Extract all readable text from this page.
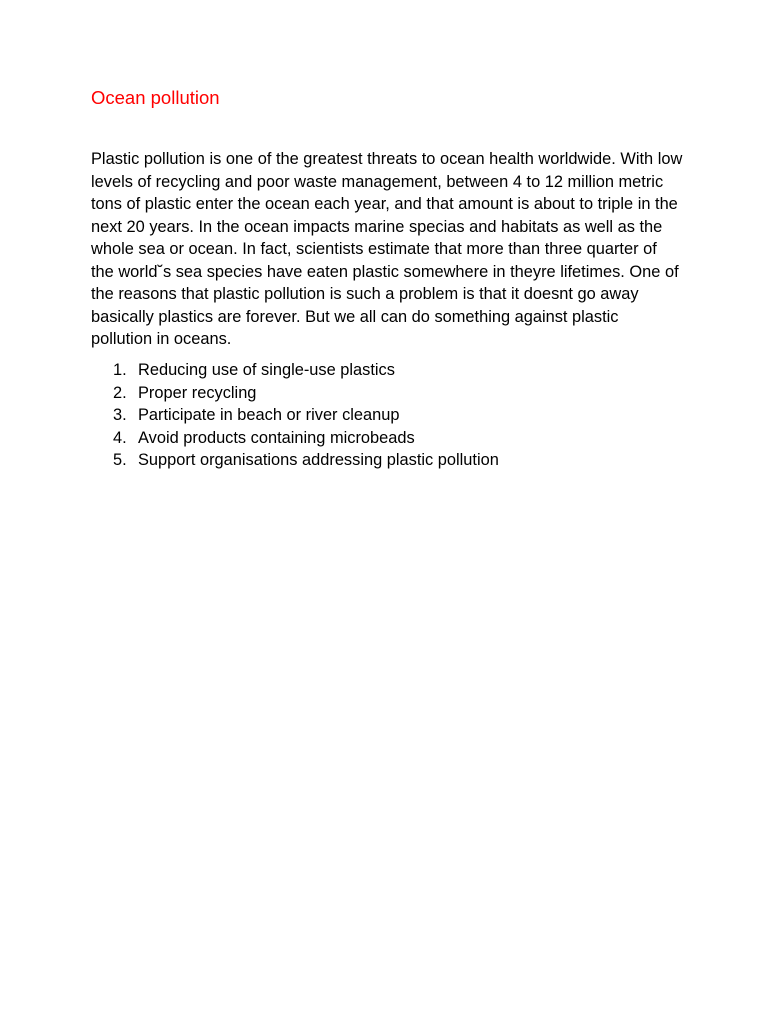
Ocean pollution

Plastic pollution is one of the greatest threats to ocean health worldwide. With low levels of recycling and poor waste management, between 4 to 12 million metric tons of plastic enter the ocean each year, and that amount is about to triple in the next 20 years. In the ocean impacts marine specias and habitats as well as the whole sea or ocean. In fact, scientists estimate that more than three quarter of the world˘s sea species have eaten plastic somewhere in theyre lifetimes. One of the reasons that plastic pollution is such a problem is that it doesnt go away basically plastics are forever. But we all can do something against plastic pollution in oceans.

1. Reducing use of single-use plastics
2. Proper recycling
3. Participate in beach or river cleanup
4. Avoid products containing microbeads
5. Support organisations addressing plastic pollution
